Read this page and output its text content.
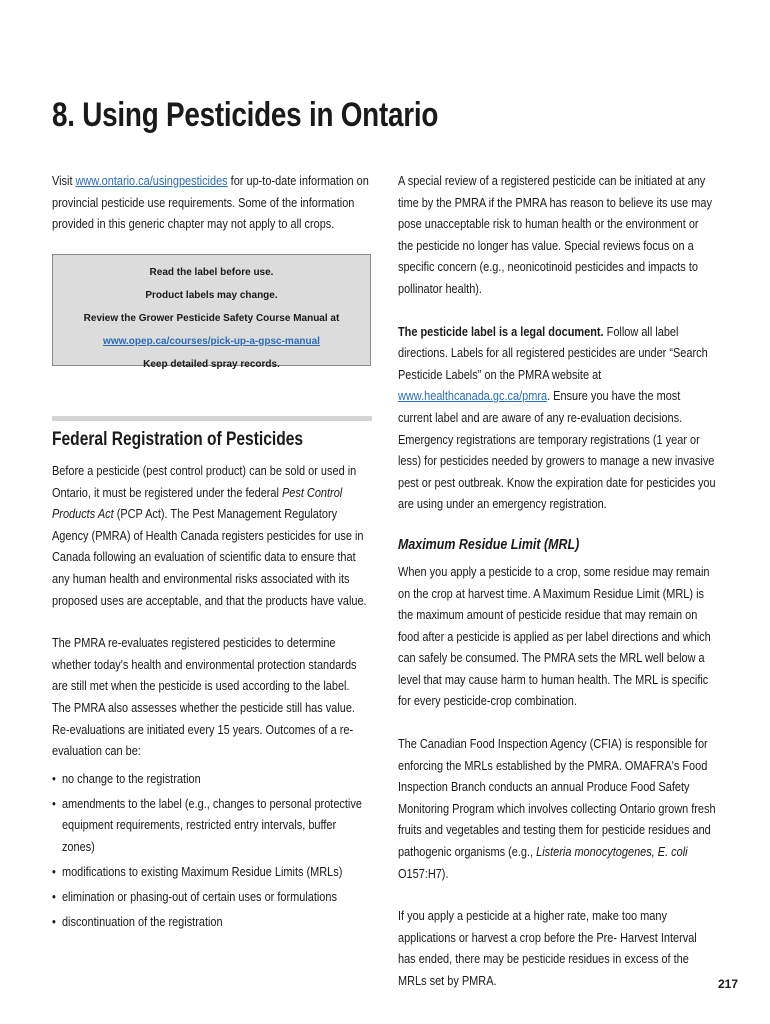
8. Using Pesticides in Ontario

Visit www.ontario.ca/usingpesticides for up-to-date information on provincial pesticide use requirements. Some of the information provided in this generic chapter may not apply to all crops.

Read the label before use.
Product labels may change.
Review the Grower Pesticide Safety Course Manual at
www.opep.ca/courses/pick-up-a-gpsc-manual
Keep detailed spray records.
Federal Registration of Pesticides

Before a pesticide (pest control product) can be sold or used in Ontario, it must be registered under the federal Pest Control Products Act (PCP Act). The Pest Management Regulatory Agency (PMRA) of Health Canada registers pesticides for use in Canada following an evaluation of scientific data to ensure that any human health and environmental risks associated with its proposed uses are acceptable, and that the products have value.

The PMRA re-evaluates registered pesticides to determine whether today's health and environmental protection standards are still met when the pesticide is used according to the label. The PMRA also assesses whether the pesticide still has value. Re-evaluations are initiated every 15 years. Outcomes of a re-evaluation can be:

• no change to the registration
• amendments to the label (e.g., changes to personal protective equipment requirements, restricted entry intervals, buffer zones)
• modifications to existing Maximum Residue Limits (MRLs)
• elimination or phasing-out of certain uses or formulations
• discontinuation of the registration

A special review of a registered pesticide can be initiated at any time by the PMRA if the PMRA has reason to believe its use may pose unacceptable risk to human health or the environment or the pesticide no longer has value. Special reviews focus on a specific concern (e.g., neonicotinoid pesticides and impacts to pollinator health).

The pesticide label is a legal document. Follow all label directions. Labels for all registered pesticides are under “Search Pesticide Labels” on the PMRA website at www.healthcanada.gc.ca/pmra. Ensure you have the most current label and are aware of any re-evaluation decisions. Emergency registrations are temporary registrations (1 year or less) for pesticides needed by growers to manage a new invasive pest or pest outbreak. Know the expiration date for pesticides you are using under an emergency registration.

Maximum Residue Limit (MRL)

When you apply a pesticide to a crop, some residue may remain on the crop at harvest time. A Maximum Residue Limit (MRL) is the maximum amount of pesticide residue that may remain on food after a pesticide is applied as per label directions and which can safely be consumed. The PMRA sets the MRL well below a level that may cause harm to human health. The MRL is specific for every pesticide-crop combination.

The Canadian Food Inspection Agency (CFIA) is responsible for enforcing the MRLs established by the PMRA. OMAFRA's Food Inspection Branch conducts an annual Produce Food Safety Monitoring Program which involves collecting Ontario grown fresh fruits and vegetables and testing them for pesticide residues and pathogenic organisms (e.g., Listeria monocytogenes, E. coli O157:H7).

If you apply a pesticide at a higher rate, make too many applications or harvest a crop before the Pre- Harvest Interval has ended, there may be pesticide residues in excess of the MRLs set by PMRA.	217
